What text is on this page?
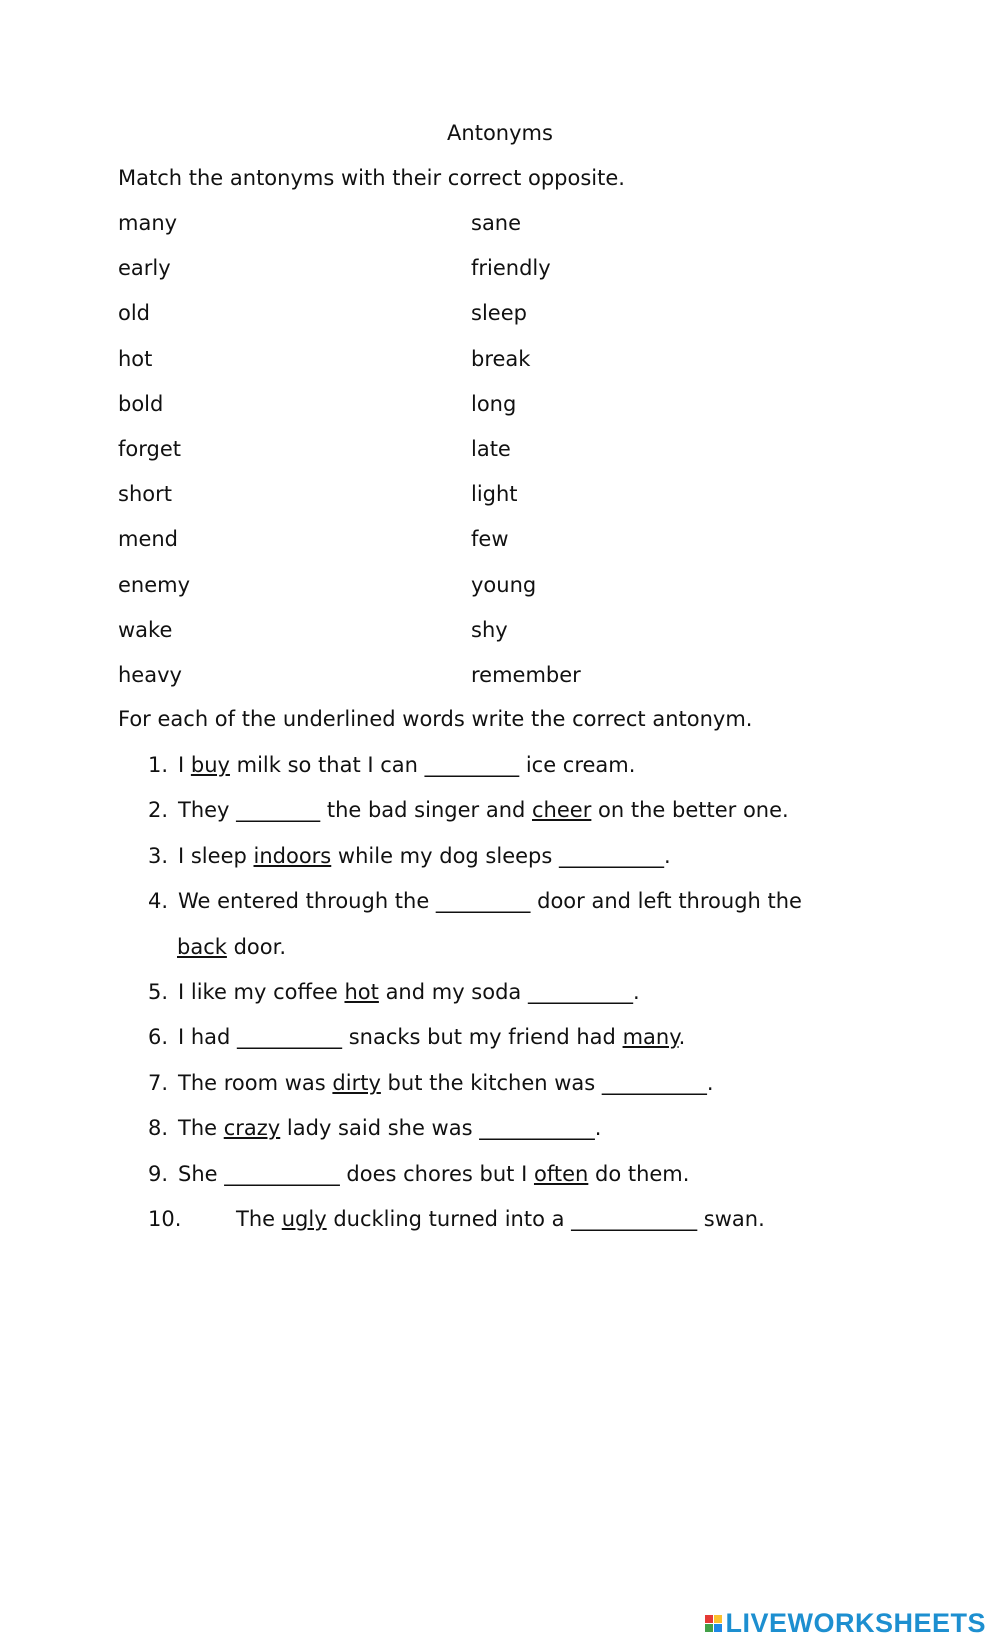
Antonyms
Match the antonyms with their correct opposite.
many	sane
early	friendly
old	sleep
hot	break
bold	long
forget	late
short	light
mend	few
enemy	young
wake	shy
heavy	remember
For each of the underlined words write the correct antonym.
1. I buy milk so that I can _________ ice cream.
2. They ________ the bad singer and cheer on the better one.
3. I sleep indoors while my dog sleeps __________.
4. We entered through the _________ door and left through the
back door.
5. I like my coffee hot and my soda __________.
6. I had __________ snacks but my friend had many.
7. The room was dirty but the kitchen was __________.
8. The crazy lady said she was ___________.
9. She ___________ does chores but I often do them.
10.	The ugly duckling turned into a ____________ swan.
LIVEWORKSHEETS
